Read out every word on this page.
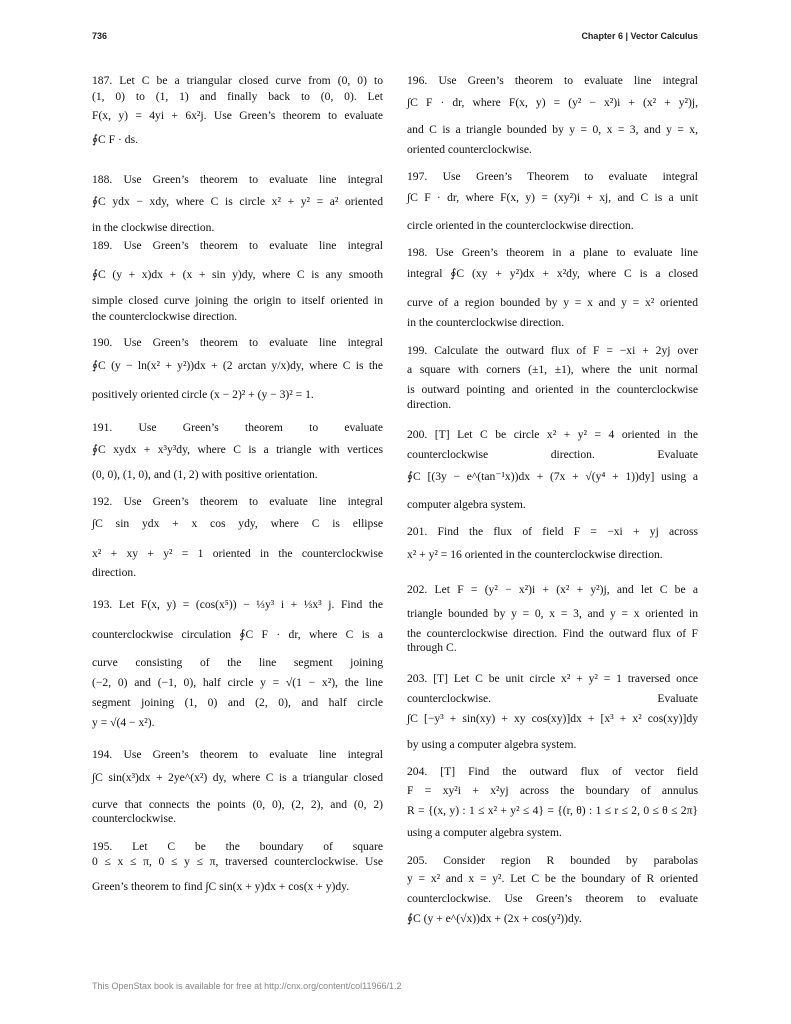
736	Chapter 6 | Vector Calculus
187. Let C be a triangular closed curve from (0, 0) to
(1, 0) to (1, 1) and finally back to (0, 0). Let
F(x, y) = 4yi + 6x²j. Use Green’s theorem to evaluate
∮C F · ds.
188. Use Green’s theorem to evaluate line integral
∮C ydx − xdy, where C is circle x² + y² = a² oriented
in the clockwise direction.
189. Use Green’s theorem to evaluate line integral
∮C (y + x)dx + (x + sin y)dy, where C is any smooth
simple closed curve joining the origin to itself oriented in
the counterclockwise direction.
190. Use Green’s theorem to evaluate line integral
∮C (y − ln(x² + y²))dx + (2 arctan y/x)dy, where C is the
positively oriented circle (x − 2)² + (y − 3)² = 1.
191. Use Green’s theorem to evaluate
∮C xydx + x³y³dy, where C is a triangle with vertices
(0, 0), (1, 0), and (1, 2) with positive orientation.
192. Use Green’s theorem to evaluate line integral
∫C sin ydx + x cos ydy, where C is ellipse
x² + xy + y² = 1 oriented in the counterclockwise
direction.
193. Let F(x, y) = (cos(x⁵)) − ⅓y³ i + ⅓x³ j. Find the
counterclockwise circulation ∮C F · dr, where C is a
curve consisting of the line segment joining
(−2, 0) and (−1, 0), half circle y = √(1 − x²), the line
segment joining (1, 0) and (2, 0), and half circle
y = √(4 − x²).
194. Use Green’s theorem to evaluate line integral
∫C sin(x³)dx + 2ye^(x²) dy, where C is a triangular closed
curve that connects the points (0, 0), (2, 2), and (0, 2)
counterclockwise.
195. Let C be the boundary of square
0 ≤ x ≤ π, 0 ≤ y ≤ π, traversed counterclockwise. Use
Green’s theorem to find ∫C sin(x + y)dx + cos(x + y)dy.
196. Use Green’s theorem to evaluate line integral
∫C F · dr, where F(x, y) = (y² − x²)i + (x² + y²)j,
and C is a triangle bounded by y = 0, x = 3, and y = x,
oriented counterclockwise.
197. Use Green’s Theorem to evaluate integral
∫C F · dr, where F(x, y) = (xy²)i + xj, and C is a unit
circle oriented in the counterclockwise direction.
198. Use Green’s theorem in a plane to evaluate line
integral ∮C (xy + y²)dx + x²dy, where C is a closed
curve of a region bounded by y = x and y = x² oriented
in the counterclockwise direction.
199. Calculate the outward flux of F = −xi + 2yj over
a square with corners (±1, ±1), where the unit normal
is outward pointing and oriented in the counterclockwise
direction.
200. [T] Let C be circle x² + y² = 4 oriented in the
counterclockwise direction. Evaluate
∮C [(3y − e^(tan⁻¹x))dx + (7x + √(y⁴ + 1))dy] using a
computer algebra system.
201. Find the flux of field F = −xi + yj across
x² + y² = 16 oriented in the counterclockwise direction.
202. Let F = (y² − x²)i + (x² + y²)j, and let C be a
triangle bounded by y = 0, x = 3, and y = x oriented in
the counterclockwise direction. Find the outward flux of F
through C.
203. [T] Let C be unit circle x² + y² = 1 traversed once
counterclockwise. Evaluate
∫C [−y³ + sin(xy) + xy cos(xy)]dx + [x³ + x² cos(xy)]dy
by using a computer algebra system.
204. [T] Find the outward flux of vector field
F = xy²i + x²yj across the boundary of annulus
R = {(x, y) : 1 ≤ x² + y² ≤ 4} = {(r, θ) : 1 ≤ r ≤ 2, 0 ≤ θ ≤ 2π}
using a computer algebra system.
205. Consider region R bounded by parabolas
y = x² and x = y². Let C be the boundary of R oriented
counterclockwise. Use Green’s theorem to evaluate
∮C (y + e^(√x))dx + (2x + cos(y²))dy.
This OpenStax book is available for free at http://cnx.org/content/col11966/1.2
